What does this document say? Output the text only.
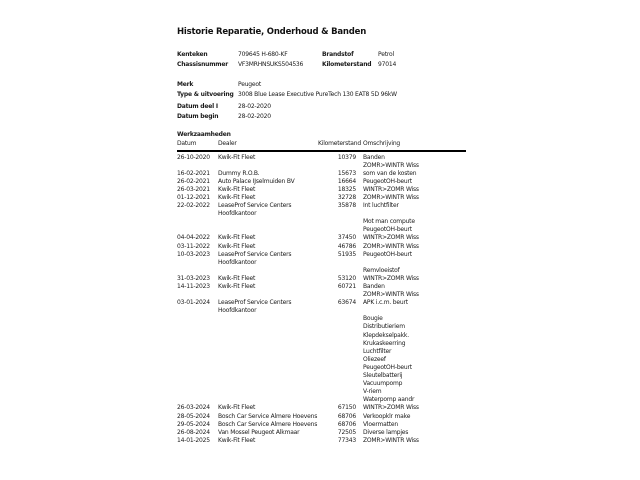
Historie Reparatie, Onderhoud & Banden
Kenteken	709645 H-680-KF	Brandstof	Petrol
Chassisnummer	VF3MRHNSUKS504536	Kilometerstand	97014
Merk	Peugeot
Type & uitvoering 3008 Blue Lease Executive PureTech 130 EAT8 5D 96kW
Datum deel I	28-02-2020
Datum begin	28-02-2020
Werkzaamheden
Datum	Dealer	Kilometerstand Omschrijving
26-10-2020	Kwik-Fit Fleet	10379 Banden
ZOMR>WINTR Wiss
16-02-2021	Dummy R.O.B.	15673 som van de kosten
26-02-2021	Auto Palace IJselmuiden BV	16664 PeugeotOH-beurt
26-03-2021	Kwik-Fit Fleet	18325 WINTR>ZOMR Wiss
01-12-2021	Kwik-Fit Fleet	32728 ZOMR>WINTR Wiss
22-02-2022	LeaseProf Service Centers
Hoofdkantoor
35878 Int luchtfilter
Mot man compute
PeugeotOH-beurt
04-04-2022	Kwik-Fit Fleet	37450 WINTR>ZOMR Wiss
03-11-2022	Kwik-Fit Fleet	46786 ZOMR>WINTR Wiss
10-03-2023	LeaseProf Service Centers
Hoofdkantoor
51935 PeugeotOH-beurt
Remvloeistof
31-03-2023	Kwik-Fit Fleet	53120 WINTR>ZOMR Wiss
14-11-2023	Kwik-Fit Fleet	60721 Banden
ZOMR>WINTR Wiss
03-01-2024	LeaseProf Service Centers
Hoofdkantoor
63674 APK i.c.m. beurt
Bougie
Distributieriem
Klepdekselpakk.
Krukaskeerring
Luchtfilter
Oliezeef
PeugeotOH-beurt
Sleutelbatterij
Vacuumpomp
V-riem
Waterpomp aandr
26-03-2024	Kwik-Fit Fleet	67150 WINTR>ZOMR Wiss
28-05-2024	Bosch Car Service Almere Hoevens	68706 Verkoopklr make
29-05-2024	Bosch Car Service Almere Hoevens	68706 Vloermatten
26-08-2024	Van Mossel Peugeot Alkmaar	72505 Diverse lampjes
14-01-2025	Kwik-Fit Fleet	77343 ZOMR>WINTR Wiss
